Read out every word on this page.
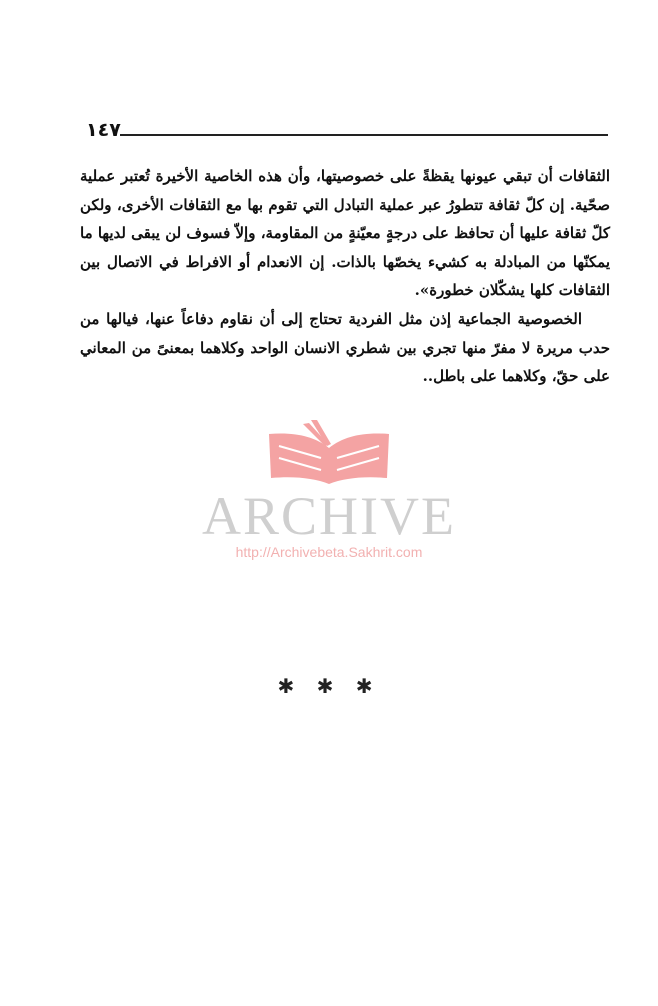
١٤٧

الثقافات أن تبقي عيونها يقظةً على خصوصيتها، وأن هذه الخاصية الأخيرة تُعتبر عملية صحّية. إن كلّ ثقافة تتطورُ عبر عملية التبادل التي تقوم بها مع الثقافات الأخرى، ولكن كلّ ثقافة عليها أن تحافظ على درجةٍ معيّنةٍ من المقاومة، وإلاّ فسوف لن يبقى لديها ما يمكنّها من المبادلة به كشيء يخصّها بالذات. إن الانعدام أو الافراط في الاتصال بين الثقافات كلها يشكّلان خطورة».

الخصوصية الجماعية إذن مثل الفردية تحتاج إلى أن نقاوم دفاعاً عنها، فيالها من حدب مريرة لا مفرّ منها تجري بين شطري الانسان الواحد وكلاهما بمعنىً من المعاني على حقّ، وكلاهما على باطل..

ARCHIVE
http://Archivebeta.Sakhrit.com
✱ ✱ ✱
